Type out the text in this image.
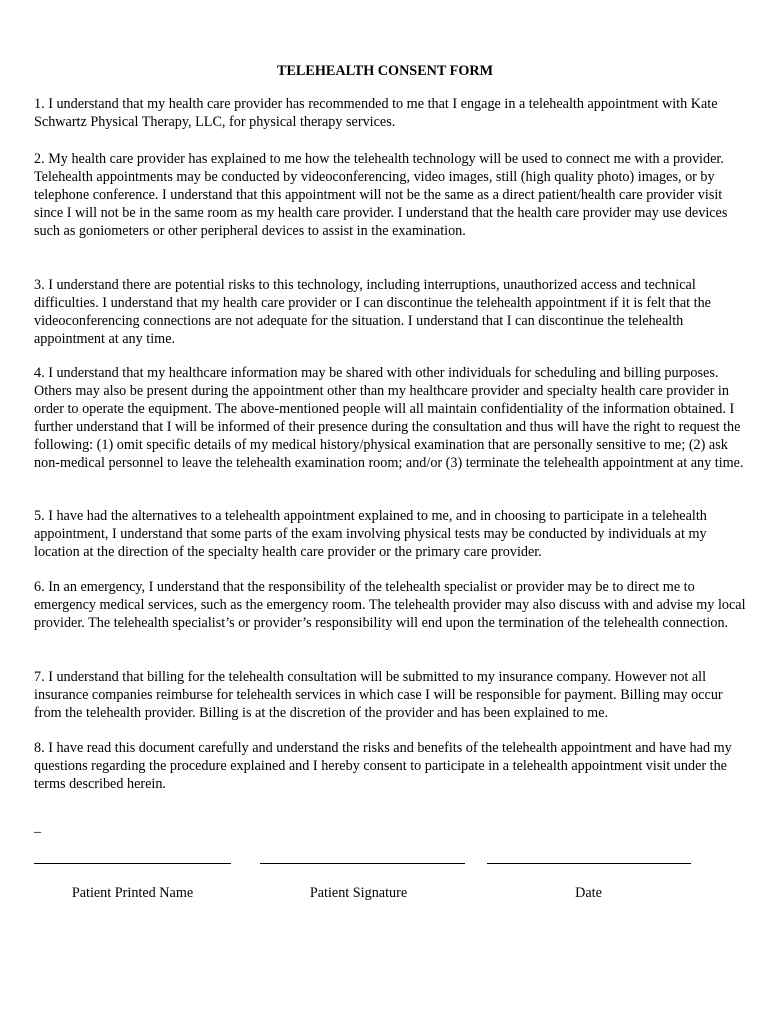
TELEHEALTH CONSENT FORM

1. I understand that my health care provider has recommended to me that I engage in a telehealth appointment with Kate Schwartz Physical Therapy, LLC, for physical therapy services.

2. My health care provider has explained to me how the telehealth technology will be used to connect me with a provider. Telehealth appointments may be conducted by videoconferencing, video images, still (high quality photo) images, or by telephone conference. I understand that this appointment will not be the same as a direct patient/health care provider visit since I will not be in the same room as my health care provider. I understand that the health care provider may use devices such as goniometers or other peripheral devices to assist in the examination.

3. I understand there are potential risks to this technology, including interruptions, unauthorized access and technical difficulties. I understand that my health care provider or I can discontinue the telehealth appointment if it is felt that the videoconferencing connections are not adequate for the situation. I understand that I can discontinue the telehealth appointment at any time.

4. I understand that my healthcare information may be shared with other individuals for scheduling and billing purposes. Others may also be present during the appointment other than my healthcare provider and specialty health care provider in order to operate the equipment. The above-mentioned people will all maintain confidentiality of the information obtained. I further understand that I will be informed of their presence during the consultation and thus will have the right to request the following: (1) omit specific details of my medical history/physical examination that are personally sensitive to me; (2) ask non-medical personnel to leave the telehealth examination room; and/or (3) terminate the telehealth appointment at any time.

5. I have had the alternatives to a telehealth appointment explained to me, and in choosing to participate in a telehealth appointment, I understand that some parts of the exam involving physical tests may be conducted by individuals at my location at the direction of the specialty health care provider or the primary care provider.

6. In an emergency, I understand that the responsibility of the telehealth specialist or provider may be to direct me to emergency medical services, such as the emergency room. The telehealth provider may also discuss with and advise my local provider. The telehealth specialist’s or provider’s responsibility will end upon the termination of the telehealth connection.

7. I understand that billing for the telehealth consultation will be submitted to my insurance company. However not all insurance companies reimburse for telehealth services in which case I will be responsible for payment. Billing may occur from the telehealth provider. Billing is at the discretion of the provider and has been explained to me.

8. I have read this document carefully and understand the risks and benefits of the telehealth appointment and have had my questions regarding the procedure explained and I hereby consent to participate in a telehealth appointment visit under the terms described herein.

_
Patient Printed Name	Patient Signature	Date
